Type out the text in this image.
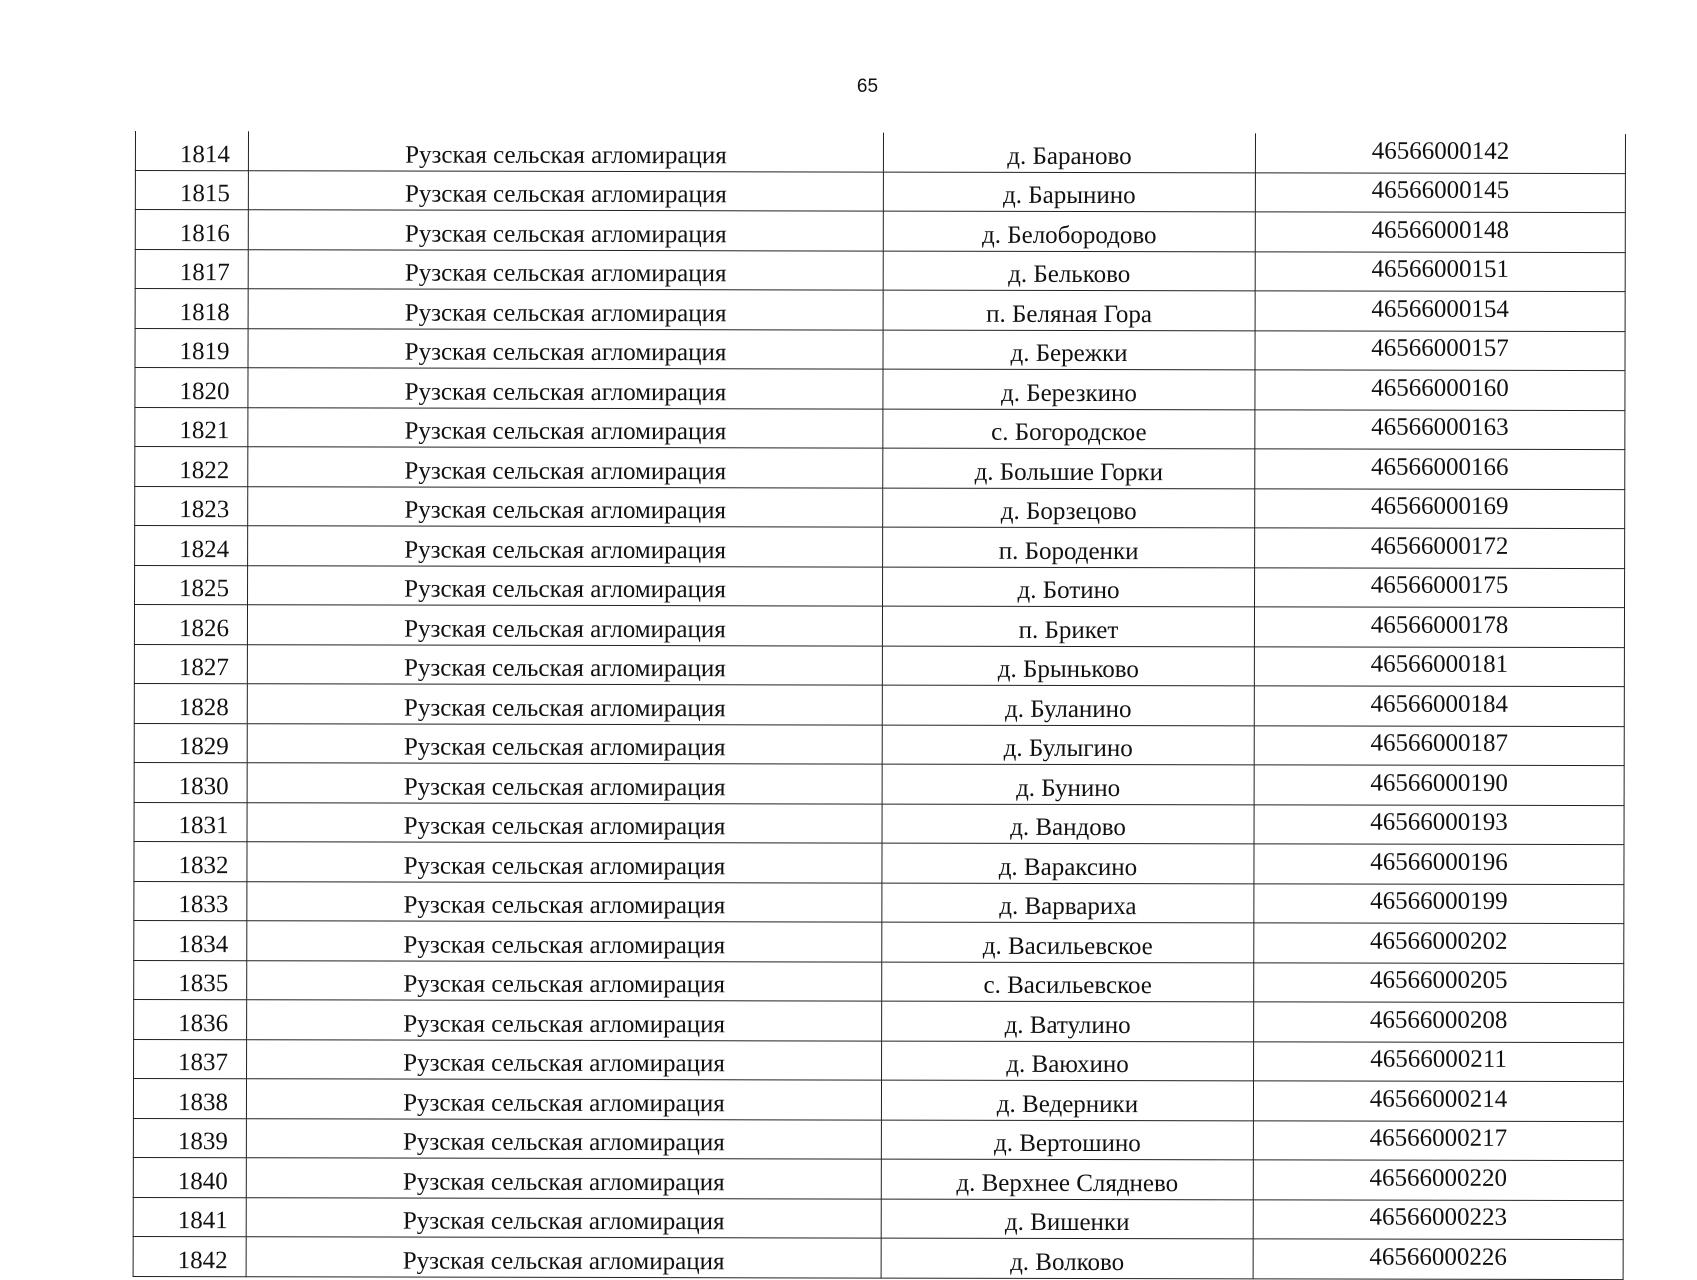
65
1814	Рузская сельская агломирация	д. Бараново	46566000142
1815	Рузская сельская агломирация	д. Барынино	46566000145
1816	Рузская сельская агломирация	д. Белобородово	46566000148
1817	Рузская сельская агломирация	д. Бельково	46566000151
1818	Рузская сельская агломирация	п. Беляная Гора	46566000154
1819	Рузская сельская агломирация	д. Бережки	46566000157
1820	Рузская сельская агломирация	д. Березкино	46566000160
1821	Рузская сельская агломирация	с. Богородское	46566000163
1822	Рузская сельская агломирация	д. Большие Горки	46566000166
1823	Рузская сельская агломирация	д. Борзецово	46566000169
1824	Рузская сельская агломирация	п. Бороденки	46566000172
1825	Рузская сельская агломирация	д. Ботино	46566000175
1826	Рузская сельская агломирация	п. Брикет	46566000178
1827	Рузская сельская агломирация	д. Брыньково	46566000181
1828	Рузская сельская агломирация	д. Буланино	46566000184
1829	Рузская сельская агломирация	д. Булыгино	46566000187
1830	Рузская сельская агломирация	д. Бунино	46566000190
1831	Рузская сельская агломирация	д. Вандово	46566000193
1832	Рузская сельская агломирация	д. Вараксино	46566000196
1833	Рузская сельская агломирация	д. Варвариха	46566000199
1834	Рузская сельская агломирация	д. Васильевское	46566000202
1835	Рузская сельская агломирация	с. Васильевское	46566000205
1836	Рузская сельская агломирация	д. Ватулино	46566000208
1837	Рузская сельская агломирация	д. Ваюхино	46566000211
1838	Рузская сельская агломирация	д. Ведерники	46566000214
1839	Рузская сельская агломирация	д. Вертошино	46566000217
1840	Рузская сельская агломирация	д. Верхнее Сляднево	46566000220
1841	Рузская сельская агломирация	д. Вишенки	46566000223
1842	Рузская сельская агломирация	д. Волково	46566000226
